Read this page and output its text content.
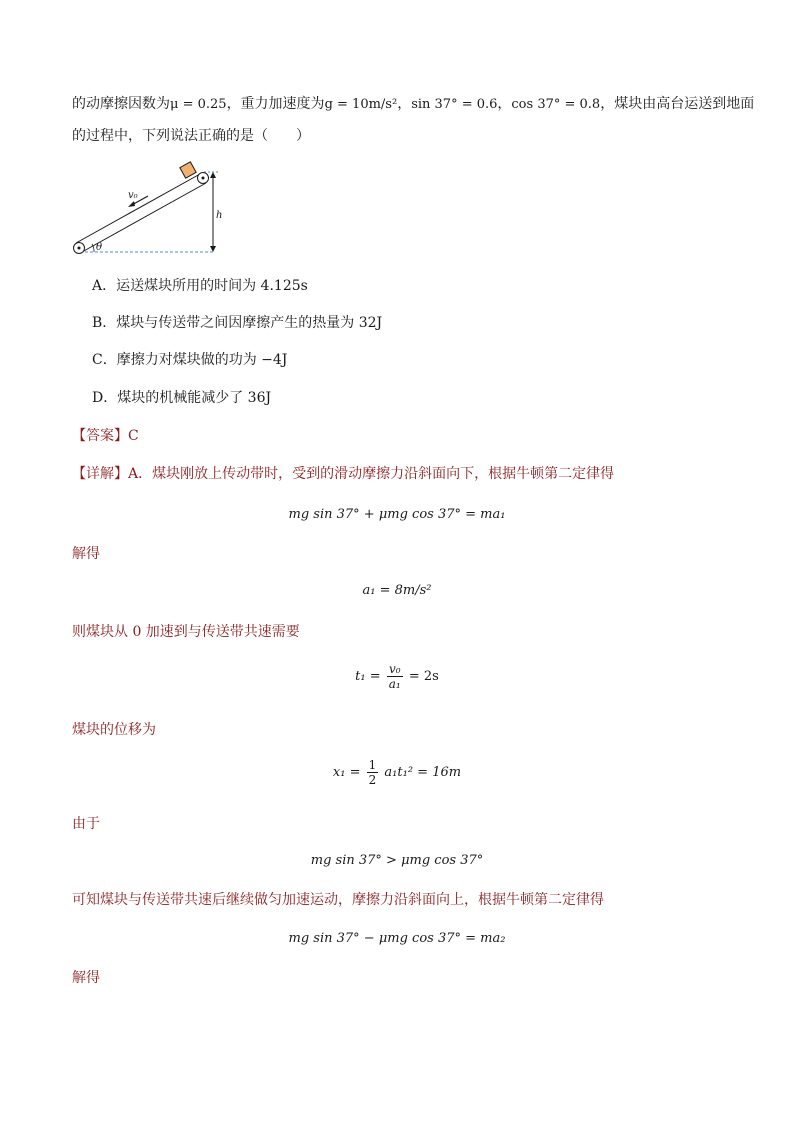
的动摩擦因数为μ = 0.25，重力加速度为g = 10m/s²，sin 37° = 0.6，cos 37° = 0.8，煤块由高台运送到地面
的过程中，下列说法正确的是（　　）
v₀
h
θ
A．运送煤块所用的时间为 4.125s
B．煤块与传送带之间因摩擦产生的热量为 32J
C．摩擦力对煤块做的功为 −4J
D．煤块的机械能减少了 36J
【答案】C
【详解】A．煤块刚放上传动带时，受到的滑动摩擦力沿斜面向下，根据牛顿第二定律得
mg sin 37° + μmg cos 37° = ma₁
解得
a₁ = 8m/s²
则煤块从 0 加速到与传送带共速需要
$t_1 = \frac{\text{v₀}}{\text{a₁}} = 2s$
煤块的位移为
$x_1 = \frac{1}{2} a_1t_1^2 = 16m$
由于
mg sin 37° > μmg cos 37°
可知煤块与传送带共速后继续做匀加速运动，摩擦力沿斜面向上，根据牛顿第二定律得
mg sin 37° − μmg cos 37° = ma₂
解得
